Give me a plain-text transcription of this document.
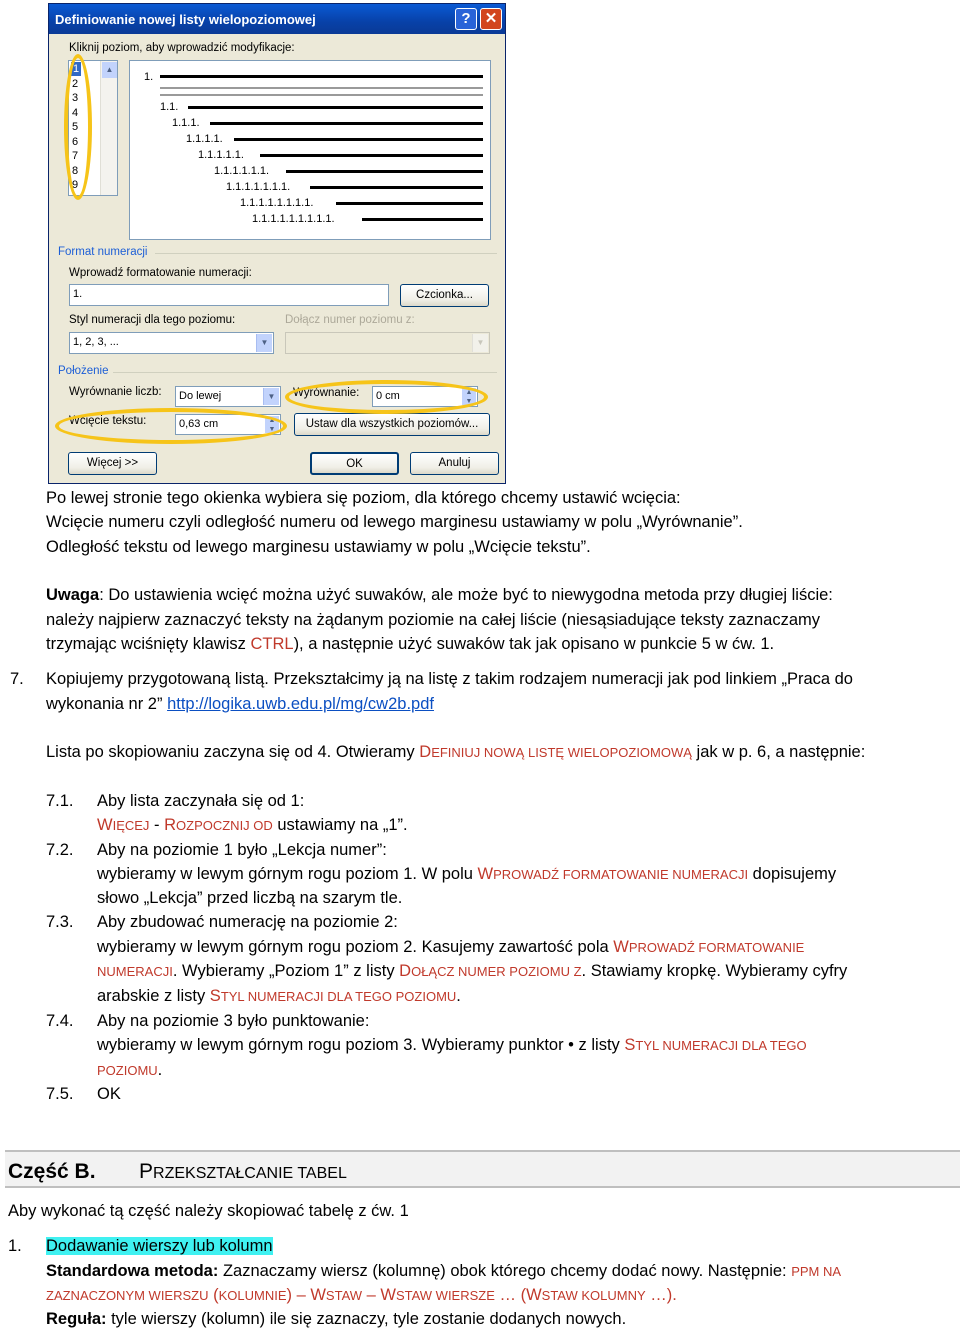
Definiowanie nowej listy wielopoziomowej	? ✕
Kliknij poziom, aby wprowadzić modyfikacje:
1
2
3
4
5
6
7
8
9
▲
1.
1.1.
1.1.1.
1.1.1.1.
1.1.1.1.1.
1.1.1.1.1.1.
1.1.1.1.1.1.1.
1.1.1.1.1.1.1.1.
1.1.1.1.1.1.1.1.1.
Format numeracji
Wprowadź formatowanie numeracji:
1.	Czcionka...
Styl numeracji dla tego poziomu:	Dołącz numer poziomu z:
1, 2, 3, ...	▼	▼
Położenie
Wyrównanie liczb:	Do lewej	▼	Wyrównanie:	0 cm	▲
▼
Wcięcie tekstu:	0,63 cm	▲
▼	Ustaw dla wszystkich poziomów...
Więcej >>	OK	Anuluj
Po lewej stronie tego okienka wybiera się poziom, dla którego chcemy ustawić wcięcia:
Wcięcie numeru czyli odległość numeru od lewego marginesu ustawiamy w polu „Wyrównanie”.
Odległość tekstu od lewego marginesu ustawiamy w polu „Wcięcie tekstu”.
Uwaga: Do ustawienia wcięć można użyć suwaków, ale może być to niewygodna metoda przy długiej liście:
należy najpierw zaznaczyć teksty na żądanym poziomie na całej liście (niesąsiadujące teksty zaznaczamy
trzymając wciśnięty klawisz CTRL), a następnie użyć suwaków tak jak opisano w punkcie 5 w ćw. 1.
7. Kopiujemy przygotowaną listą. Przekształcimy ją na listę z takim rodzajem numeracji jak pod linkiem „Praca do
wykonania nr 2” http://logika.uwb.edu.pl/mg/cw2b.pdf
Lista po skopiowaniu zaczyna się od 4. Otwieramy DEFINIUJ NOWĄ LISTĘ WIELOPOZIOMOWĄ jak w p. 6, a następnie:
7.1. Aby lista zaczynała się od 1:
WIĘCEJ - ROZPOCZNIJ OD ustawiamy na „1”.
7.2. Aby na poziomie 1 było „Lekcja numer”:
wybieramy w lewym górnym rogu poziom 1. W polu WPROWADŹ FORMATOWANIE NUMERACJI dopisujemy
słowo „Lekcja” przed liczbą na szarym tle.
7.3. Aby zbudować numerację na poziomie 2:
wybieramy w lewym górnym rogu poziom 2. Kasujemy zawartość pola WPROWADŹ FORMATOWANIE
NUMERACJI. Wybieramy „Poziom 1” z listy DOŁĄCZ NUMER POZIOMU Z. Stawiamy kropkę. Wybieramy cyfry
arabskie z listy STYL NUMERACJI DLA TEGO POZIOMU.
7.4. Aby na poziomie 3 było punktowanie:
wybieramy w lewym górnym rogu poziom 3. Wybieramy punktor • z listy STYL NUMERACJI DLA TEGO
POZIOMU.
7.5. OK
Część B. PRZEKSZTAŁCANIE TABEL
Aby wykonać tą część należy skopiować tabelę z ćw. 1
1. Dodawanie wierszy lub kolumn
Standardowa metoda: Zaznaczamy wiersz (kolumnę) obok którego chcemy dodać nowy. Następnie: PPM NA
ZAZNACZONYM WIERSZU (KOLUMNIE) – WSTAW – WSTAW WIERSZE … (WSTAW KOLUMNY …).
Reguła: tyle wierszy (kolumn) ile się zaznaczy, tyle zostanie dodanych nowych.
